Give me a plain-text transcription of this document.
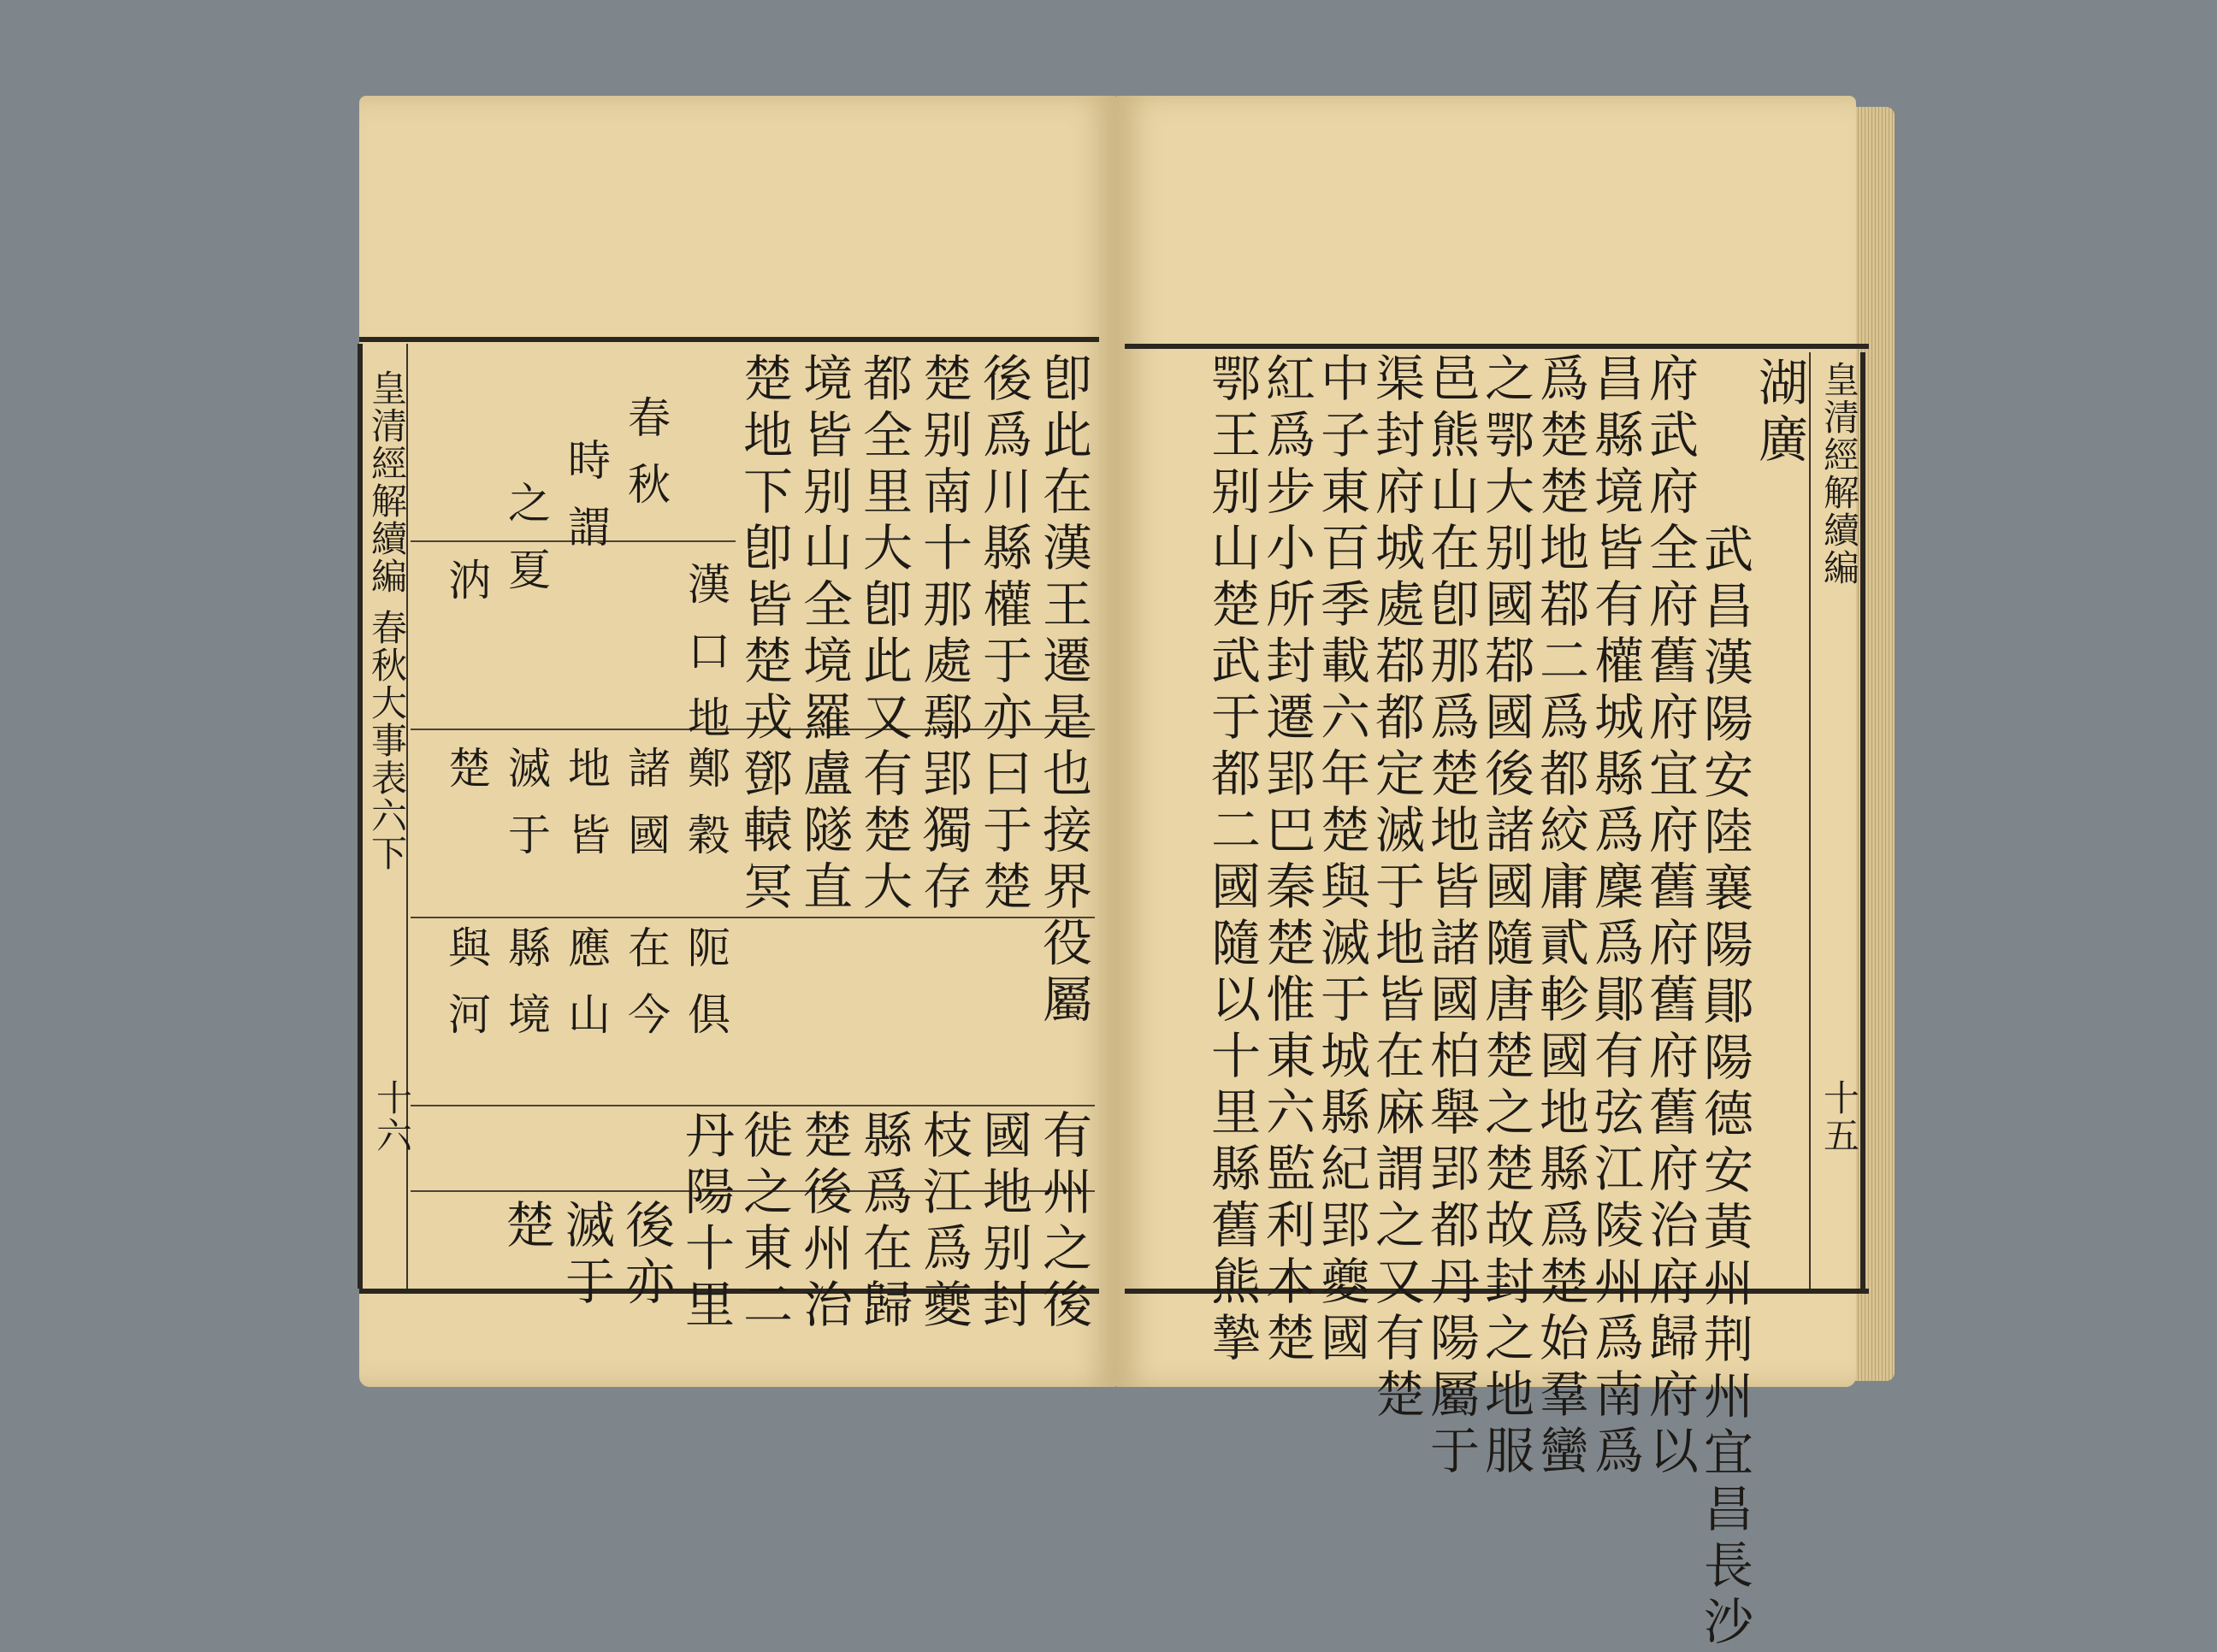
皇清經解續編
春秋大事表六下
十六
卽此在漢王遷是也接界役屬
後爲川縣權于亦曰于楚
楚别南十那處鄢郢獨存
都全里大卽此又有楚大
境皆别山全境羅盧隧直
楚地下卽皆楚戎鄧轅冥
漢口地
鄭穀
阨俱
春秋
諸國
在今
時謂
地皆
應山
之夏
滅于
縣境
汭
楚
與河
有州之後
國地别封
枝江爲夔
縣爲在歸
楚後州治
徙之東二
丹陽十里
後亦
滅于
楚
皇清經解續編
十五
湖廣
武昌漢陽安陸襄陽鄖陽德安黃州荆州宜昌長沙
府武府全府舊府宜府舊府舊府舊府治府歸府以
昌縣境皆有權城縣爲麇爲鄖有弦江陵州爲南爲
爲楚楚地鄀二爲都絞庸貳軫國地縣爲楚始羣蠻
之鄂大别國鄀國後諸國隨唐楚之楚故封之地服
邑熊山在卽那爲楚地皆諸國柏舉郢都丹陽屬于
渠封府城處鄀都定滅于地皆在麻謂之又有楚
中子東百季載六年楚與滅于城縣紀郢夔國
紅爲步小所封遷郢巴秦楚惟東六監利本楚
鄂王别山楚武于都二國隨以十里縣舊熊摯
